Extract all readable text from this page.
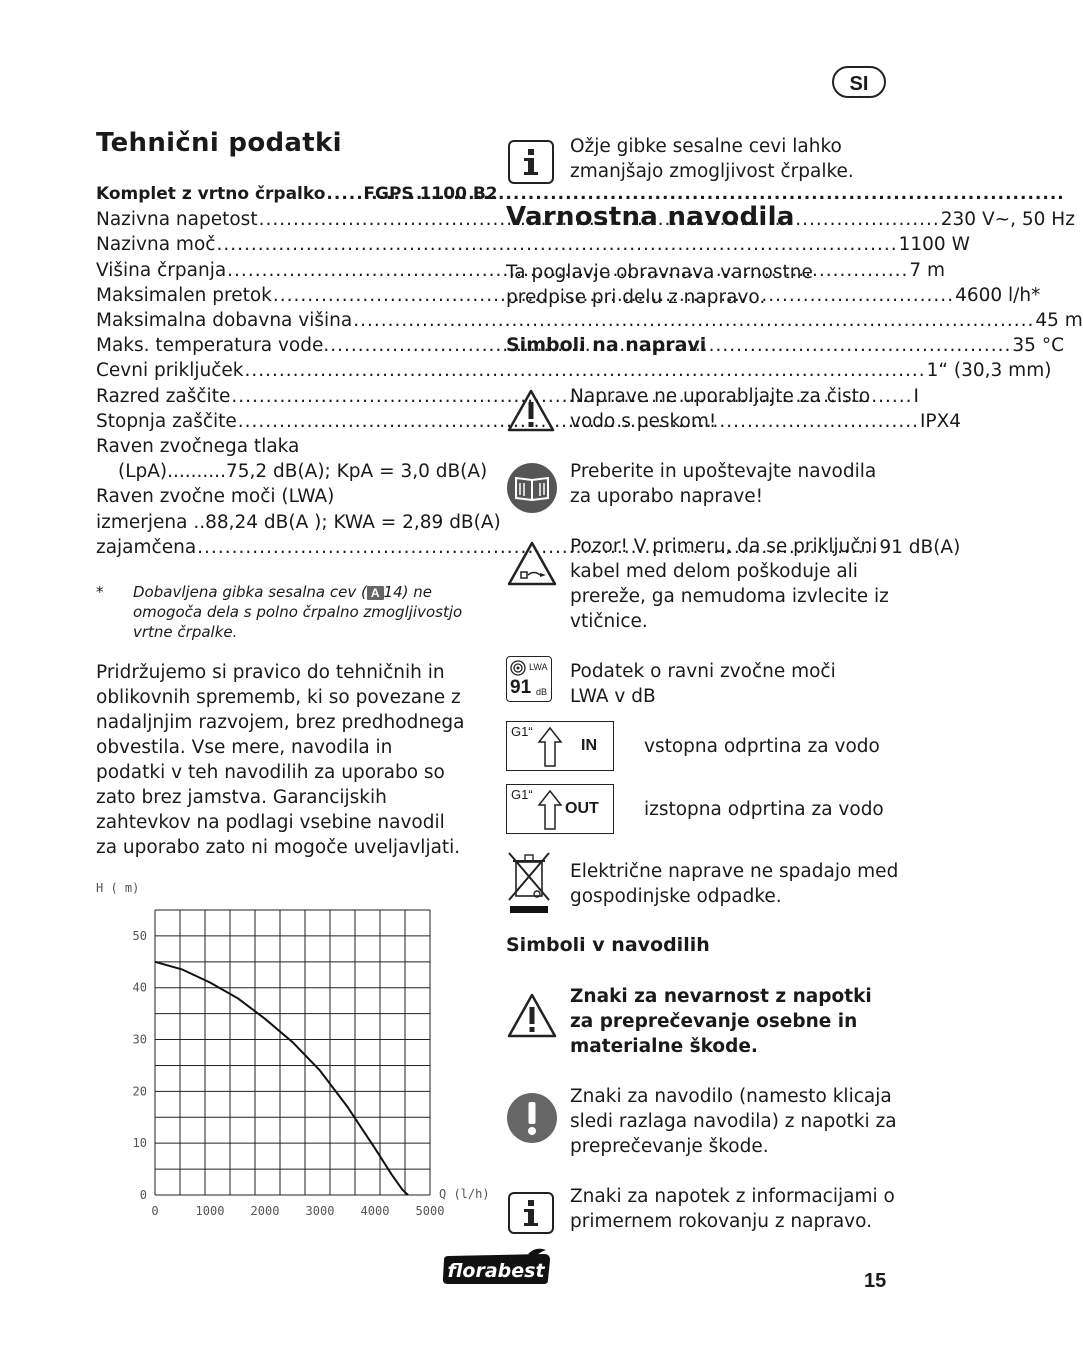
SI
Tehnični podatki
Komplet z vrtno črpalko ..... FGPS 1100 B2
Nazivna napetost .....	230 V~, 50 Hz
Nazivna moč .....	1100 W
Višina črpanja .....	7 m
Maksimalen pretok .....	4600 l/h*
Maksimalna dobavna višina .....	45 m
Maks. temperatura vode. .....	35 °C
Cevni priključek .....	1“ (30,3 mm)
Razred zaščite .....	I
Stopnja zaščite .....	IPX4
Raven zvočnega tlaka
(LpA)..........75,2 dB(A); KpA = 3,0 dB(A)
Raven zvočne moči (LWA)
izmerjena ..88,24 dB(A ); KWA = 2,89 dB(A)
zajamčena .....	91 dB(A)
* Dobavljena gibka sesalna cev ( A 14) ne omogoča dela s polno črpalno zmogljivostjo vrtne črpalke.
Pridržujemo si pravico do tehničnih in oblikovnih sprememb, ki so povezane z nadaljnjim razvojem, brez predhodnega obvestila. Vse mere, navodila in podatki v teh navodilih za uporabo so zato brez jamstva. Garancijskih zahtevkov na podlagi vsebine navodil za uporabo zato ni mogoče uveljavljati.
H ( m)
Q (l/h)
0	1000 2000 3000 4000 5000
0
10
20
30
40
50
Ožje gibke sesalne cevi lahko zmanjšajo zmogljivost črpalke.
Varnostna navodila
Ta poglavje obravnava varnostne predpise pri delu z napravo.
Simboli na napravi
Naprave ne uporabljajte za čisto vodo s peskom!
Preberite in upoštevajte navodila za uporabo naprave!
Pozor! V primeru, da se priključni kabel med delom poškoduje ali prereže, ga nemudoma izvlecite iz vtičnice.
LWA
91 dB
Podatek o ravni zvočne moči
LWA v dB
G1“
IN	vstopna odprtina za vodo
G1“
OUT izstopna odprtina za vodo
Električne naprave ne spadajo med gospodinjske odpadke.
Simboli v navodilih
Znaki za nevarnost z napotki za preprečevanje osebne in materialne škode.
Znaki za navodilo (namesto klicaja sledi razlaga navodila) z napotki za preprečevanje škode.
Znaki za napotek z informacijami o primernem rokovanju z napravo.
florabest	15
